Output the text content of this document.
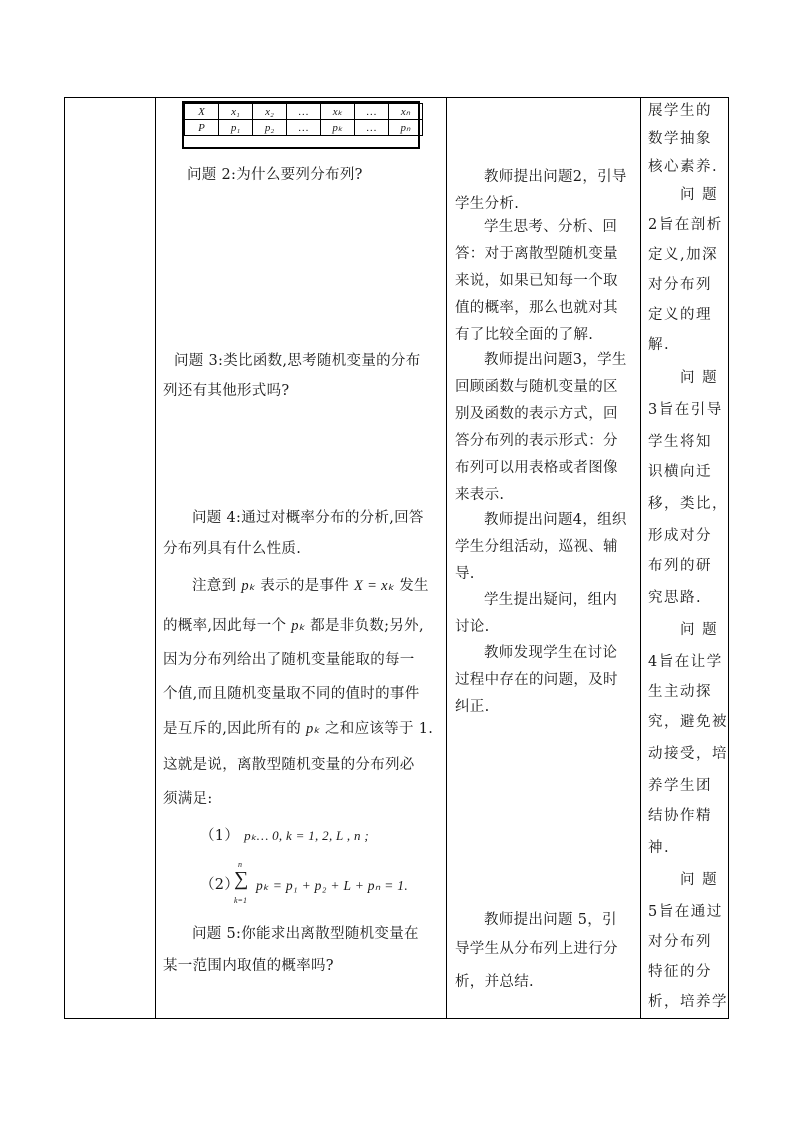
X	x₁	x₂	…	xₖ	…	xₙ
P	p₁	p₂	…	pₖ	…	pₙ
问题 2:为什么要列分布列?
问题 3:类比函数,思考随机变量的分布
列还有其他形式吗?
问题 4:通过对概率分布的分析,回答
分布列具有什么性质.
注意到 pₖ 表示的是事件 X = xₖ 发生
的概率,因此每一个 pₖ 都是非负数;另外,
因为分布列给出了随机变量能取的每一
个值,而且随机变量取不同的值时的事件
是互斥的,因此所有的 pₖ 之和应该等于 1.
这就是说，离散型随机变量的分布列必
须满足:
（1） pₖ… 0, k = 1, 2, L , n ;
（2）
n
∑
k=1
pₖ = p₁ + p₂ + L + pₙ = 1.
问题 5:你能求出离散型随机变量在
某一范围内取值的概率吗?
教师提出问题2，引导
学生分析.
学生思考、分析、回
答：对于离散型随机变量
来说，如果已知每一个取
值的概率，那么也就对其
有了比较全面的了解.
教师提出问题3，学生
回顾函数与随机变量的区
别及函数的表示方式，回
答分布列的表示形式：分
布列可以用表格或者图像
来表示.
教师提出问题4，组织
学生分组活动，巡视、辅
导.
学生提出疑问，组内
讨论.
教师发现学生在讨论
过程中存在的问题，及时
纠正.
教师提出问题 5，引
导学生从分布列上进行分
析，并总结.
展学生的
数学抽象
核心素养.
问 题
2旨在剖析
定义,加深
对分布列
定义的理
解.
问 题
3旨在引导
学生将知
识横向迁
移，类比，
形成对分
布列的研
究思路.
问 题
4旨在让学
生主动探
究，避免被
动接受，培
养学生团
结协作精
神.
问 题
5旨在通过
对分布列
特征的分
析，培养学
